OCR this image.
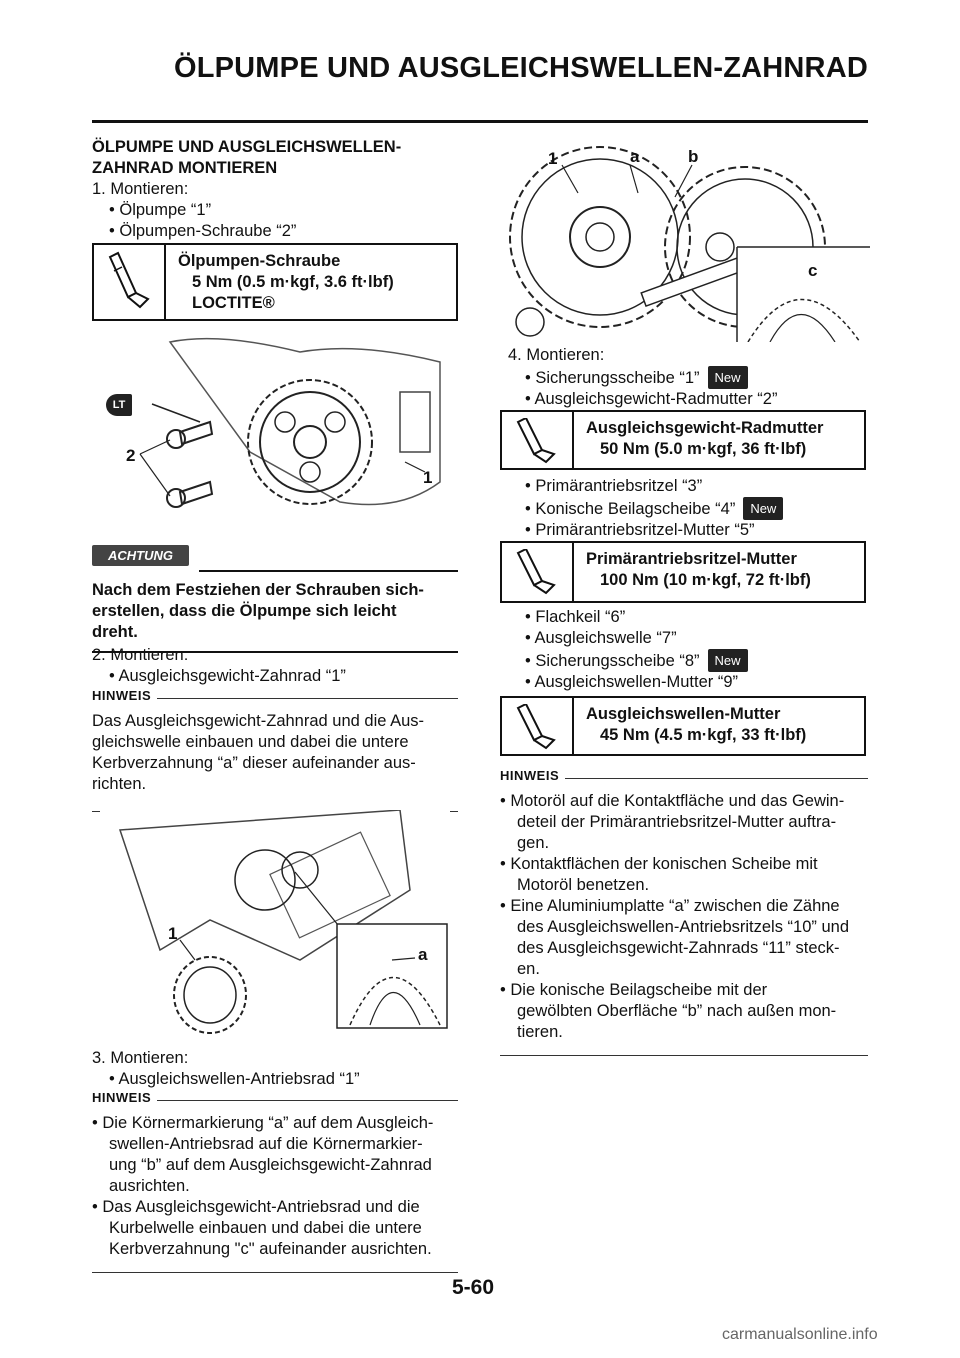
ÖLPUMPE UND AUSGLEICHSWELLEN-ZAHNRAD
ÖLPUMPE UND AUSGLEICHSWELLEN-
ZAHNRAD MONTIEREN
1. Montieren:
• Ölpumpe “1”
• Ölpumpen-Schraube “2”
Ölpumpen-Schraube
5 Nm (0.5 m·kgf, 3.6 ft·lbf)
LOCTITE®
LT
2
1
ACHTUNG
Nach dem Festziehen der Schrauben sich-
erstellen, dass die Ölpumpe sich leicht
dreht.
2. Montieren:
• Ausgleichsgewicht-Zahnrad “1”
HINWEIS
Das Ausgleichsgewicht-Zahnrad und die Aus-
gleichswelle einbauen und dabei die untere
Kerbverzahnung “a” dieser aufeinander aus-
richten.
1
a
3. Montieren:
• Ausgleichswellen-Antriebsrad “1”
HINWEIS
• Die Körnermarkierung “a” auf dem Ausgleich-
swellen-Antriebsrad auf die Körnermarkier-
ung “b” auf dem Ausgleichsgewicht-Zahnrad
ausrichten.
• Das Ausgleichsgewicht-Antriebsrad und die
Kurbelwelle einbauen und dabei die untere
Kerbverzahnung "c" aufeinander ausrichten.
1	a	b
c
4. Montieren:
• Sicherungsscheibe “1” New
• Ausgleichsgewicht-Radmutter “2”
Ausgleichsgewicht-Radmutter
50 Nm (5.0 m·kgf, 36 ft·lbf)
• Primärantriebsritzel “3”
• Konische Beilagscheibe “4” New
• Primärantriebsritzel-Mutter “5”
Primärantriebsritzel-Mutter
100 Nm (10 m·kgf, 72 ft·lbf)
• Flachkeil “6”
• Ausgleichswelle “7”
• Sicherungsscheibe “8” New
• Ausgleichswellen-Mutter “9”
Ausgleichswellen-Mutter
45 Nm (4.5 m·kgf, 33 ft·lbf)
HINWEIS
• Motoröl auf die Kontaktfläche und das Gewin-
deteil der Primärantriebsritzel-Mutter auftra-
gen.
• Kontaktflächen der konischen Scheibe mit
Motoröl benetzen.
• Eine Aluminiumplatte “a” zwischen die Zähne
des Ausgleichswellen-Antriebsritzels “10” und
des Ausgleichsgewicht-Zahnrads “11” steck-
en.
• Die konische Beilagscheibe mit der
gewölbten Oberfläche “b” nach außen mon-
tieren.
5-60
carmanualsonline.info
